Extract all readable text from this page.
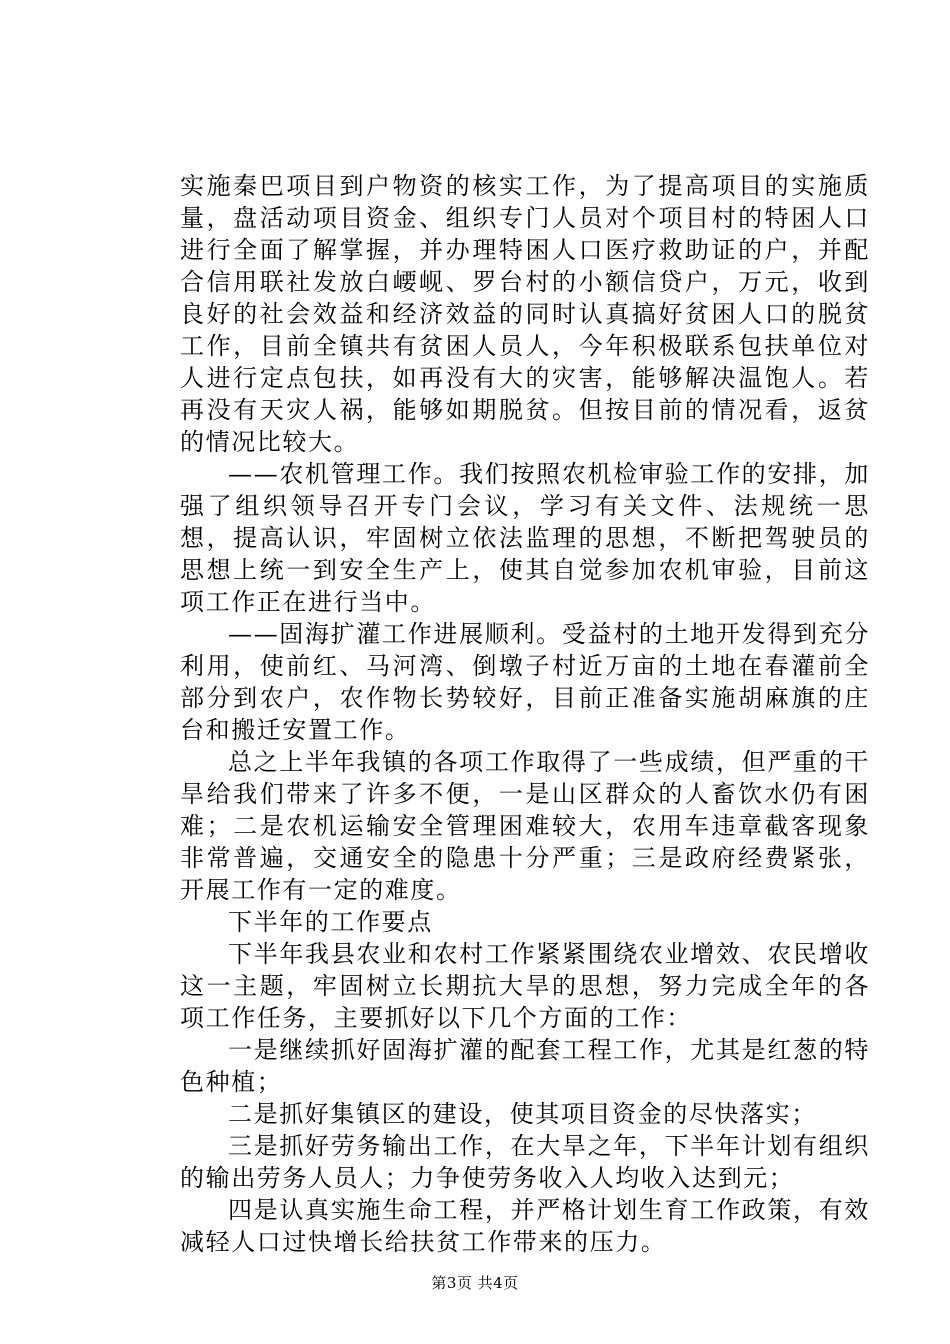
实施秦巴项目到户物资的核实工作，为了提高项目的实施质量，盘活动项目资金、组织专门人员对个项目村的特困人口进行全面了解掌握，并办理特困人口医疗救助证的户，并配合信用联社发放白崾岘、罗台村的小额信贷户，万元，收到良好的社会效益和经济效益的同时认真搞好贫困人口的脱贫工作，目前全镇共有贫困人员人，今年积极联系包扶单位对人进行定点包扶，如再没有大的灾害，能够解决温饱人。若再没有天灾人祸，能够如期脱贫。但按目前的情况看，返贫的情况比较大。

——农机管理工作。我们按照农机检审验工作的安排，加强了组织领导召开专门会议，学习有关文件、法规统一思想，提高认识，牢固树立依法监理的思想，不断把驾驶员的思想上统一到安全生产上，使其自觉参加农机审验，目前这项工作正在进行当中。

——固海扩灌工作进展顺利。受益村的土地开发得到充分利用，使前红、马河湾、倒墩子村近万亩的土地在春灌前全部分到农户，农作物长势较好，目前正准备实施胡麻旗的庄台和搬迁安置工作。

总之上半年我镇的各项工作取得了一些成绩，但严重的干旱给我们带来了许多不便，一是山区群众的人畜饮水仍有困难；二是农机运输安全管理困难较大，农用车违章截客现象非常普遍，交通安全的隐患十分严重；三是政府经费紧张，开展工作有一定的难度。

下半年的工作要点

下半年我县农业和农村工作紧紧围绕农业增效、农民增收这一主题，牢固树立长期抗大旱的思想，努力完成全年的各项工作任务，主要抓好以下几个方面的工作：

一是继续抓好固海扩灌的配套工程工作，尤其是红葱的特色种植；

二是抓好集镇区的建设，使其项目资金的尽快落实；

三是抓好劳务输出工作，在大旱之年，下半年计划有组织的输出劳务人员人；力争使劳务收入人均收入达到元；

四是认真实施生命工程，并严格计划生育工作政策，有效减轻人口过快增长给扶贫工作带来的压力。

第3页 共4页
